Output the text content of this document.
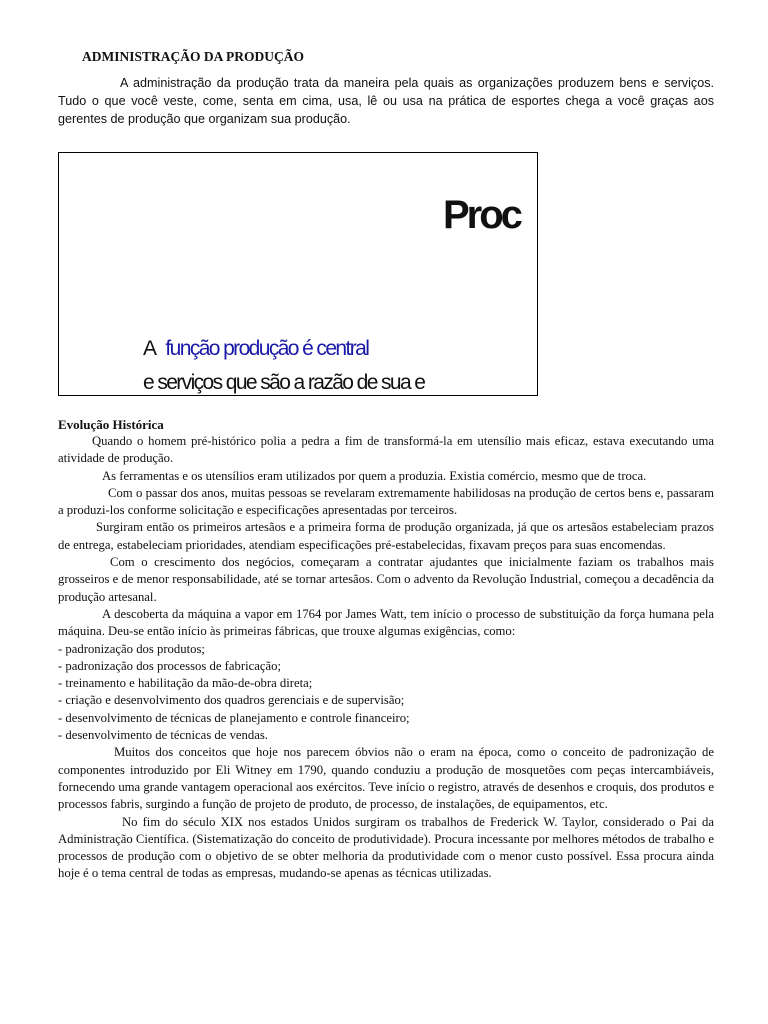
ADMINISTRAÇÃO DA PRODUÇÃO

A administração da produção trata da maneira pela quais as organizações produzem bens e serviços. Tudo o que você veste, come, senta em cima, usa, lê ou usa na prática de esportes chega a você graças aos gerentes de produção que organizam sua produção.

Proc
A função produção é central
e serviços que são a razão de sua e
Evolução Histórica

Quando o homem pré-histórico polia a pedra a fim de transformá-la em utensílio mais eficaz, estava executando uma atividade de produção.

As ferramentas e os utensílios eram utilizados por quem a produzia. Existia comércio, mesmo que de troca.

Com o passar dos anos, muitas pessoas se revelaram extremamente habilidosas na produção de certos bens e, passaram a produzi-los conforme solicitação e especificações apresentadas por terceiros.

Surgiram então os primeiros artesãos e a primeira forma de produção organizada, já que os artesãos estabeleciam prazos de entrega, estabeleciam prioridades, atendiam especificações pré-estabelecidas, fixavam preços para suas encomendas.

Com o crescimento dos negócios, começaram a contratar ajudantes que inicialmente faziam os trabalhos mais grosseiros e de menor responsabilidade, até se tornar artesãos. Com o advento da Revolução Industrial, começou a decadência da produção artesanal.

A descoberta da máquina a vapor em 1764 por James Watt, tem início o processo de substituição da força humana pela máquina. Deu-se então início às primeiras fábricas, que trouxe algumas exigências, como:

- padronização dos produtos;
- padronização dos processos de fabricação;
- treinamento e habilitação da mão-de-obra direta;
- criação e desenvolvimento dos quadros gerenciais e de supervisão;
- desenvolvimento de técnicas de planejamento e controle financeiro;
- desenvolvimento de técnicas de vendas.

Muitos dos conceitos que hoje nos parecem óbvios não o eram na época, como o conceito de padronização de componentes introduzido por Eli Witney em 1790, quando conduziu a produção de mosquetões com peças intercambiáveis, fornecendo uma grande vantagem operacional aos exércitos. Teve início o registro, através de desenhos e croquis, dos produtos e processos fabris, surgindo a função de projeto de produto, de processo, de instalações, de equipamentos, etc.

No fim do século XIX nos estados Unidos surgiram os trabalhos de Frederick W. Taylor, considerado o Pai da Administração Científica. (Sistematização do conceito de produtividade). Procura incessante por melhores métodos de trabalho e processos de produção com o objetivo de se obter melhoria da produtividade com o menor custo possível. Essa procura ainda hoje é o tema central de todas as empresas, mudando-se apenas as técnicas utilizadas.
